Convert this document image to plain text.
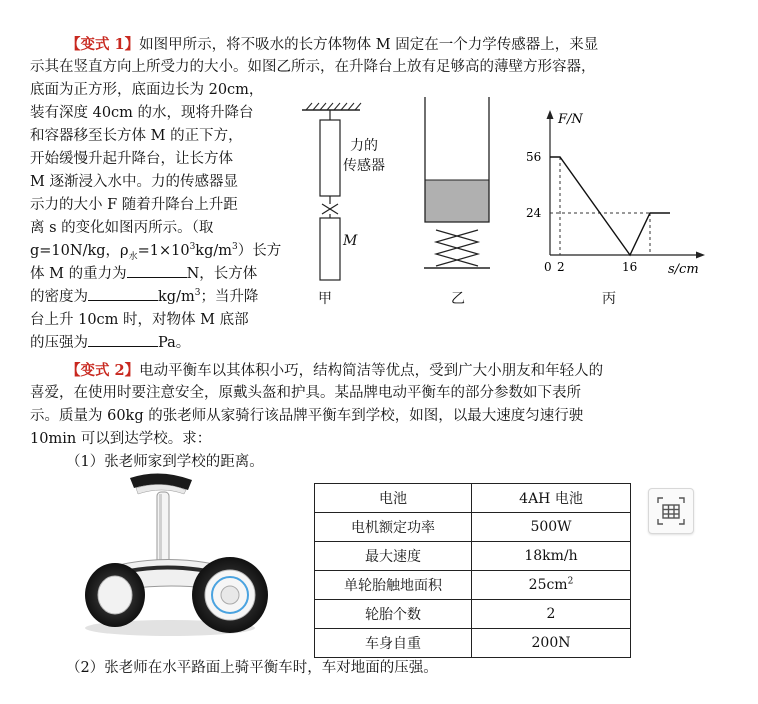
【变式 1】如图甲所示，将不吸水的长方体物体 M 固定在一个力学传感器上，来显
示其在竖直方向上所受力的大小。如图乙所示，在升降台上放有足够高的薄壁方形容器，
底面为正方形，底面边长为 20cm，
装有深度 40cm 的水，现将升降台
和容器移至长方体 M 的正下方，
开始缓慢升起升降台，让长方体
M 逐渐浸入水中。力的传感器显
示力的大小 F 随着升降台上升距
离 s 的变化如图丙所示。（取
g=10N/kg，$\rho_水=1\times 10^3kg/m^3$）长方
体 M 的重力为	N，长方体
的密度为	$kg/m^3$；当升降
台上升 10cm 时，对物体 M 底部
的压强为	Pa。
力的
传感器
M
甲	乙
F/N
s/cm
0
56
24
2	16
丙
【变式 2】电动平衡车以其体积小巧，结构简洁等优点，受到广大小朋友和年轻人的
喜爱，在使用时要注意安全，原戴头盔和护具。某品牌电动平衡车的部分参数如下表所
示。质量为 60kg 的张老师从家骑行该品牌平衡车到学校，如图，以最大速度匀速行驶
10min 可以到达学校。求：
（1）张老师家到学校的距离。
电池	4AH 电池
电机额定功率	500W
最大速度	18km/h
单轮胎触地面积	$25cm^2$
轮胎个数	2
车身自重	200N
（2）张老师在水平路面上骑平衡车时，车对地面的压强。
